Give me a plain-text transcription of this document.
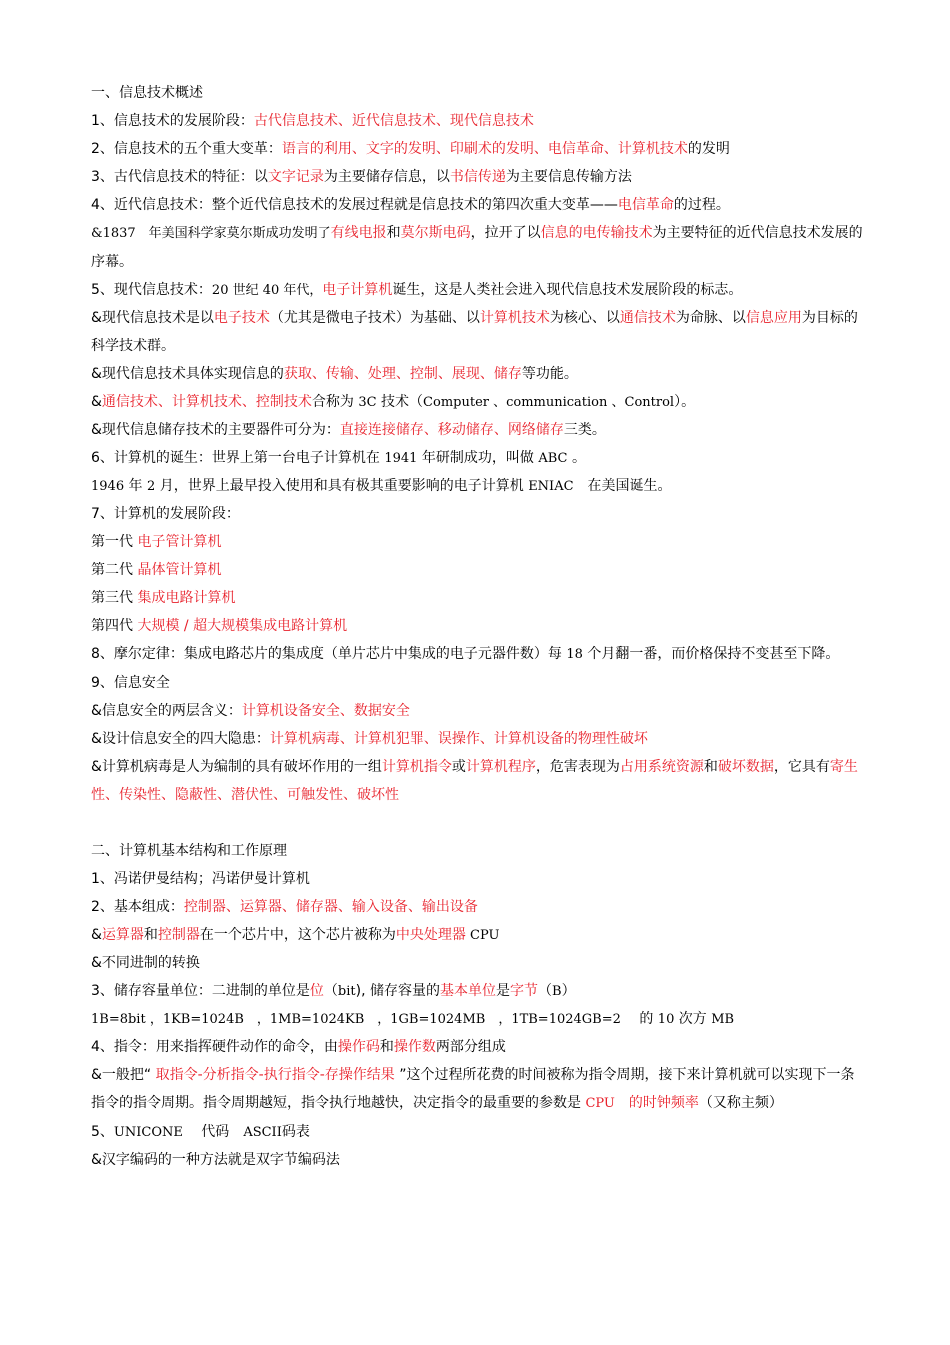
一、信息技术概述
1、信息技术的发展阶段：古代信息技术、近代信息技术、现代信息技术
2、信息技术的五个重大变革：语言的利用、文字的发明、印刷术的发明、电信革命、计算机技术的发明
3、古代信息技术的特征：以文字记录为主要储存信息，以书信传递为主要信息传输方法
4、近代信息技术：整个近代信息技术的发展过程就是信息技术的第四次重大变革——电信革命的过程。
&1837　年美国科学家莫尔斯成功发明了有线电报和莫尔斯电码，拉开了以信息的电传输技术为主要特征的近代信息技术发展的序幕。
5、现代信息技术：20 世纪 40 年代，电子计算机诞生，这是人类社会进入现代信息技术发展阶段的标志。
&现代信息技术是以电子技术（尤其是微电子技术）为基础、以计算机技术为核心、以通信技术为命脉、以信息应用为目标的科学技术群。
&现代信息技术具体实现信息的获取、传输、处理、控制、展现、储存等功能。
&通信技术、计算机技术、控制技术合称为 3C 技术（Computer 、communication 、Control）。
&现代信息储存技术的主要器件可分为：直接连接储存、移动储存、网络储存三类。
6、计算机的诞生：世界上第一台电子计算机在 1941 年研制成功，叫做 ABC 。
1946 年 2 月，世界上最早投入使用和具有极其重要影响的电子计算机 ENIAC　在美国诞生。
7、计算机的发展阶段：
第一代 电子管计算机
第二代 晶体管计算机
第三代 集成电路计算机
第四代 大规模 / 超大规模集成电路计算机
8、摩尔定律：集成电路芯片的集成度（单片芯片中集成的电子元器件数）每 18 个月翻一番，而价格保持不变甚至下降。
9、信息安全
&信息安全的两层含义：计算机设备安全、数据安全
&设计信息安全的四大隐患：计算机病毒、计算机犯罪、误操作、计算机设备的物理性破坏
&计算机病毒是人为编制的具有破坏作用的一组计算机指令或计算机程序，危害表现为占用系统资源和破坏数据，它具有寄生性、传染性、隐蔽性、潜伏性、可触发性、破坏性
二、计算机基本结构和工作原理
1、冯诺伊曼结构；冯诺伊曼计算机
2、基本组成：控制器、运算器、储存器、输入设备、输出设备
&运算器和控制器在一个芯片中，这个芯片被称为中央处理器 CPU
&不同进制的转换
3、储存容量单位：二进制的单位是位（bit), 储存容量的基本单位是字节（B）
1B=8bit ，1KB=1024B　，1MB=1024KB　，1GB=1024MB　，1TB=1024GB=2　 的 10 次方 MB
4、指令：用来指挥硬件动作的命令，由操作码和操作数两部分组成
&一般把“ 取指令-分析指令-执行指令-存操作结果 ”这个过程所花费的时间被称为指令周期，接下来计算机就可以实现下一条指令的指令周期。指令周期越短，指令执行地越快，决定指令的最重要的参数是 CPU　的时钟频率（又称主频）
5、UNICONE　 代码　ASCII码表
&汉字编码的一种方法就是双字节编码法
